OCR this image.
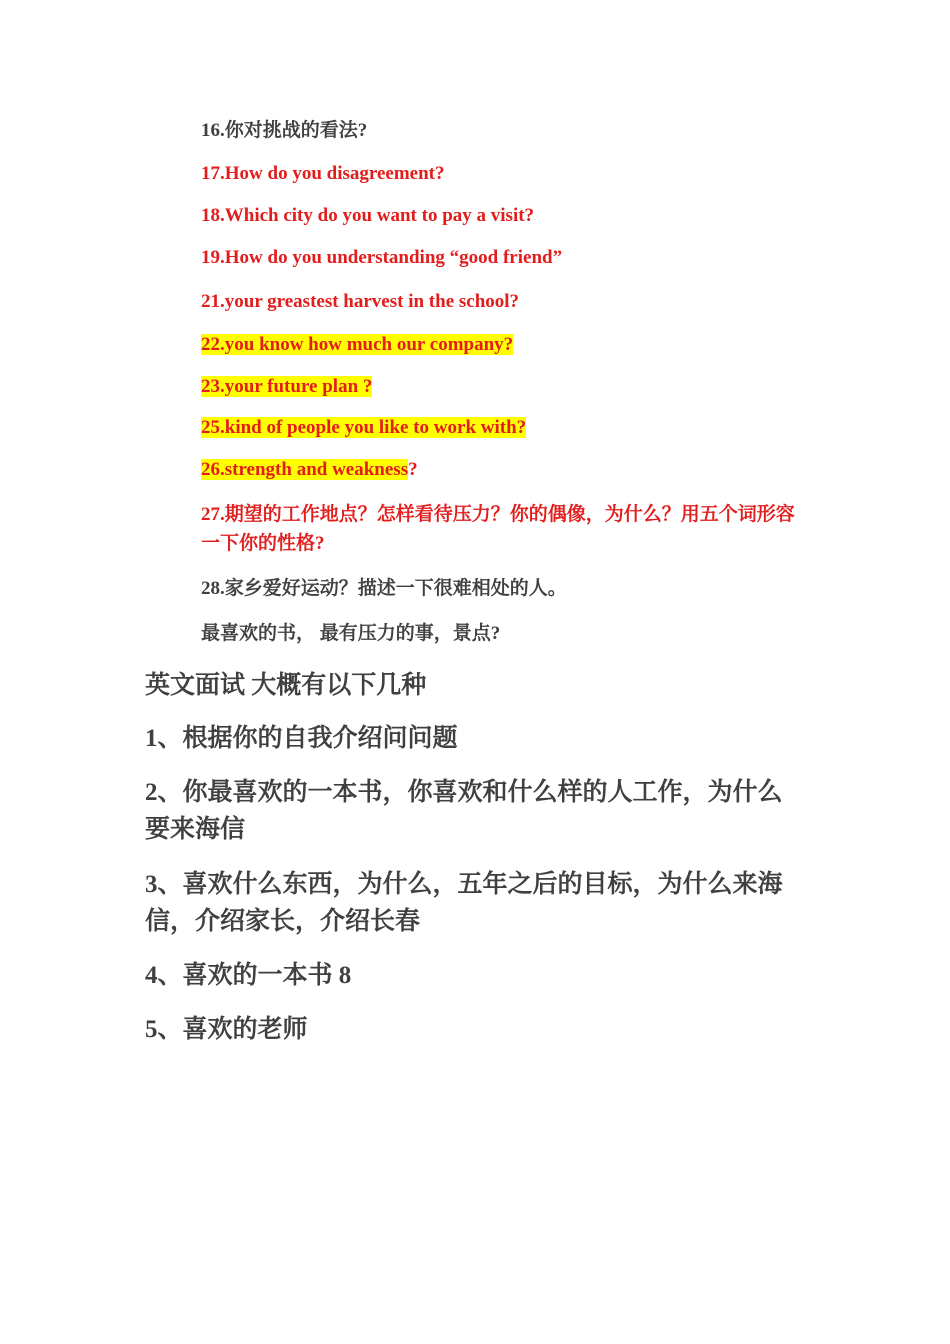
16.你对挑战的看法?
17.How do you disagreement?
18.Which city do you want to pay a visit?
19.How do you understanding “good friend”
21.your greastest harvest in the school?
22.you know how much our company?
23.your future plan ?
25.kind of people you like to work with?
26.strength and weakness?
27.期望的工作地点？怎样看待压力？你的偶像，为什么？用五个词形容一下你的性格?
28.家乡爱好运动？描述一下很难相处的人。
最喜欢的书， 最有压力的事，景点?
英文面试 大概有以下几种
1、根据你的自我介绍问问题
2、你最喜欢的一本书，你喜欢和什么样的人工作，为什么要来海信
3、喜欢什么东西，为什么，五年之后的目标，为什么来海信，介绍家长，介绍长春
4、喜欢的一本书 8
5、喜欢的老师
